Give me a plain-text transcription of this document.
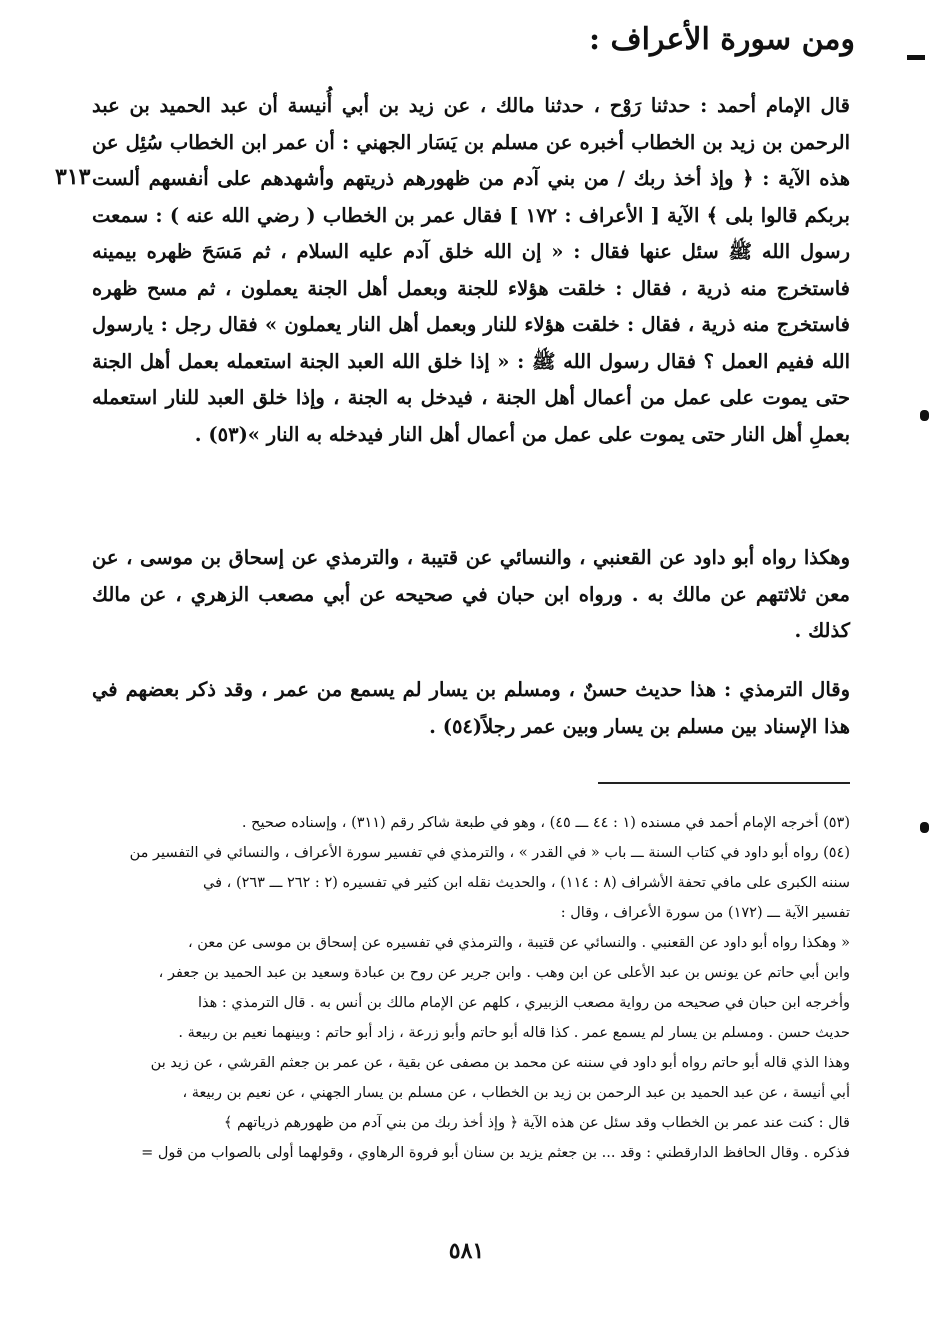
ومن سورة الأعراف :
٣١٣
قال الإمام أحمد : حدثنا رَوْح ، حدثنا مالك ، عن زيد بن أبي أُنيسة أن عبد الحميد بن عبد الرحمن بن زيد بن الخطاب أخبره عن مسلم بن يَسَار الجهني : أن عمر ابن الخطاب سُئِل عن هذه الآية : ﴿ وإذ أخذ ربك / من بني آدم من ظهورهم ذريتهم وأشهدهم على أنفسهم ألست بربكم قالوا بلى ﴾ الآية [ الأعراف : ١٧٢ ] فقال عمر بن الخطاب ( رضي الله عنه ) : سمعت رسول الله ﷺ سئل عنها فقال : « إن الله خلق آدم عليه السلام ، ثم مَسَحَ ظهره بيمينه فاستخرج منه ذرية ، فقال : خلقت هؤلاء للجنة وبعمل أهل الجنة يعملون ، ثم مسح ظهره فاستخرج منه ذرية ، فقال : خلقت هؤلاء للنار وبعمل أهل النار يعملون » فقال رجل : يارسول الله ففيم العمل ؟ فقال رسول الله ﷺ : « إذا خلق الله العبد الجنة استعمله بعمل أهل الجنة حتى يموت على عمل من أعمال أهل الجنة ، فيدخل به الجنة ، وإذا خلق العبد للنار استعمله بعملِ أهل النار حتى يموت على عمل من أعمال أهل النار فيدخله به النار »(٥٣) .
وهكذا رواه أبو داود عن القعنبي ، والنسائي عن قتيبة ، والترمذي عن إسحاق بن موسى ، عن معن ثلاثتهم عن مالك به . ورواه ابن حبان في صحيحه عن أبي مصعب الزهري ، عن مالك كذلك .
وقال الترمذي : هذا حديث حسنٌ ، ومسلم بن يسار لم يسمع من عمر ، وقد ذكر بعضهم في هذا الإسناد بين مسلم بن يسار وبين عمر رجلاً(٥٤) .
(٥٣) أخرجه الإمام أحمد في مسنده (١ : ٤٤ ـــ ٤٥) ، وهو في طبعة شاكر رقم (٣١١) ، وإسناده صحيح .
(٥٤) رواه أبو داود في كتاب السنة ـــ باب « في القدر » ، والترمذي في تفسير سورة الأعراف ، والنسائي في التفسير من
سننه الكبرى على مافي تحفة الأشراف (٨ : ١١٤) ، والحديث نقله ابن كثير في تفسيره (٢ : ٢٦٢ ـــ ٢٦٣) ، في
تفسير الآية ـــ (١٧٢) من سورة الأعراف ، وقال :
« وهكذا رواه أبو داود عن القعنبي . والنسائي عن قتيبة ، والترمذي في تفسيره عن إسحاق بن موسى عن معن ،
وابن أبي حاتم عن يونس بن عبد الأعلى عن ابن وهب . وابن جرير عن روح بن عبادة وسعيد بن عبد الحميد بن جعفر ،
وأخرجه ابن حبان في صحيحه من رواية مصعب الزبيري ، كلهم عن الإمام مالك بن أنس به . قال الترمذي : هذا
حديث حسن . ومسلم بن يسار لم يسمع عمر . كذا قاله أبو حاتم وأبو زرعة ، زاد أبو حاتم : وبينهما نعيم بن ربيعة .
وهذا الذي قاله أبو حاتم رواه أبو داود في سننه عن محمد بن مصفى عن بقية ، عن عمر بن جعثم القرشي ، عن زيد بن
أبي أنيسة ، عن عبد الحميد بن عبد الرحمن بن زيد بن الخطاب ، عن مسلم بن يسار الجهني ، عن نعيم بن ربيعة ،
قال : كنت عند عمر بن الخطاب وقد سئل عن هذه الآية ﴿ وإذ أخذ ربك من بني آدم من ظهورهم ذرياتهم ﴾
فذكره . وقال الحافظ الدارقطني : وقد ... بن جعثم يزيد بن سنان أبو فروة الرهاوي ، وقولهما أولى بالصواب من قول =
٥٨١
